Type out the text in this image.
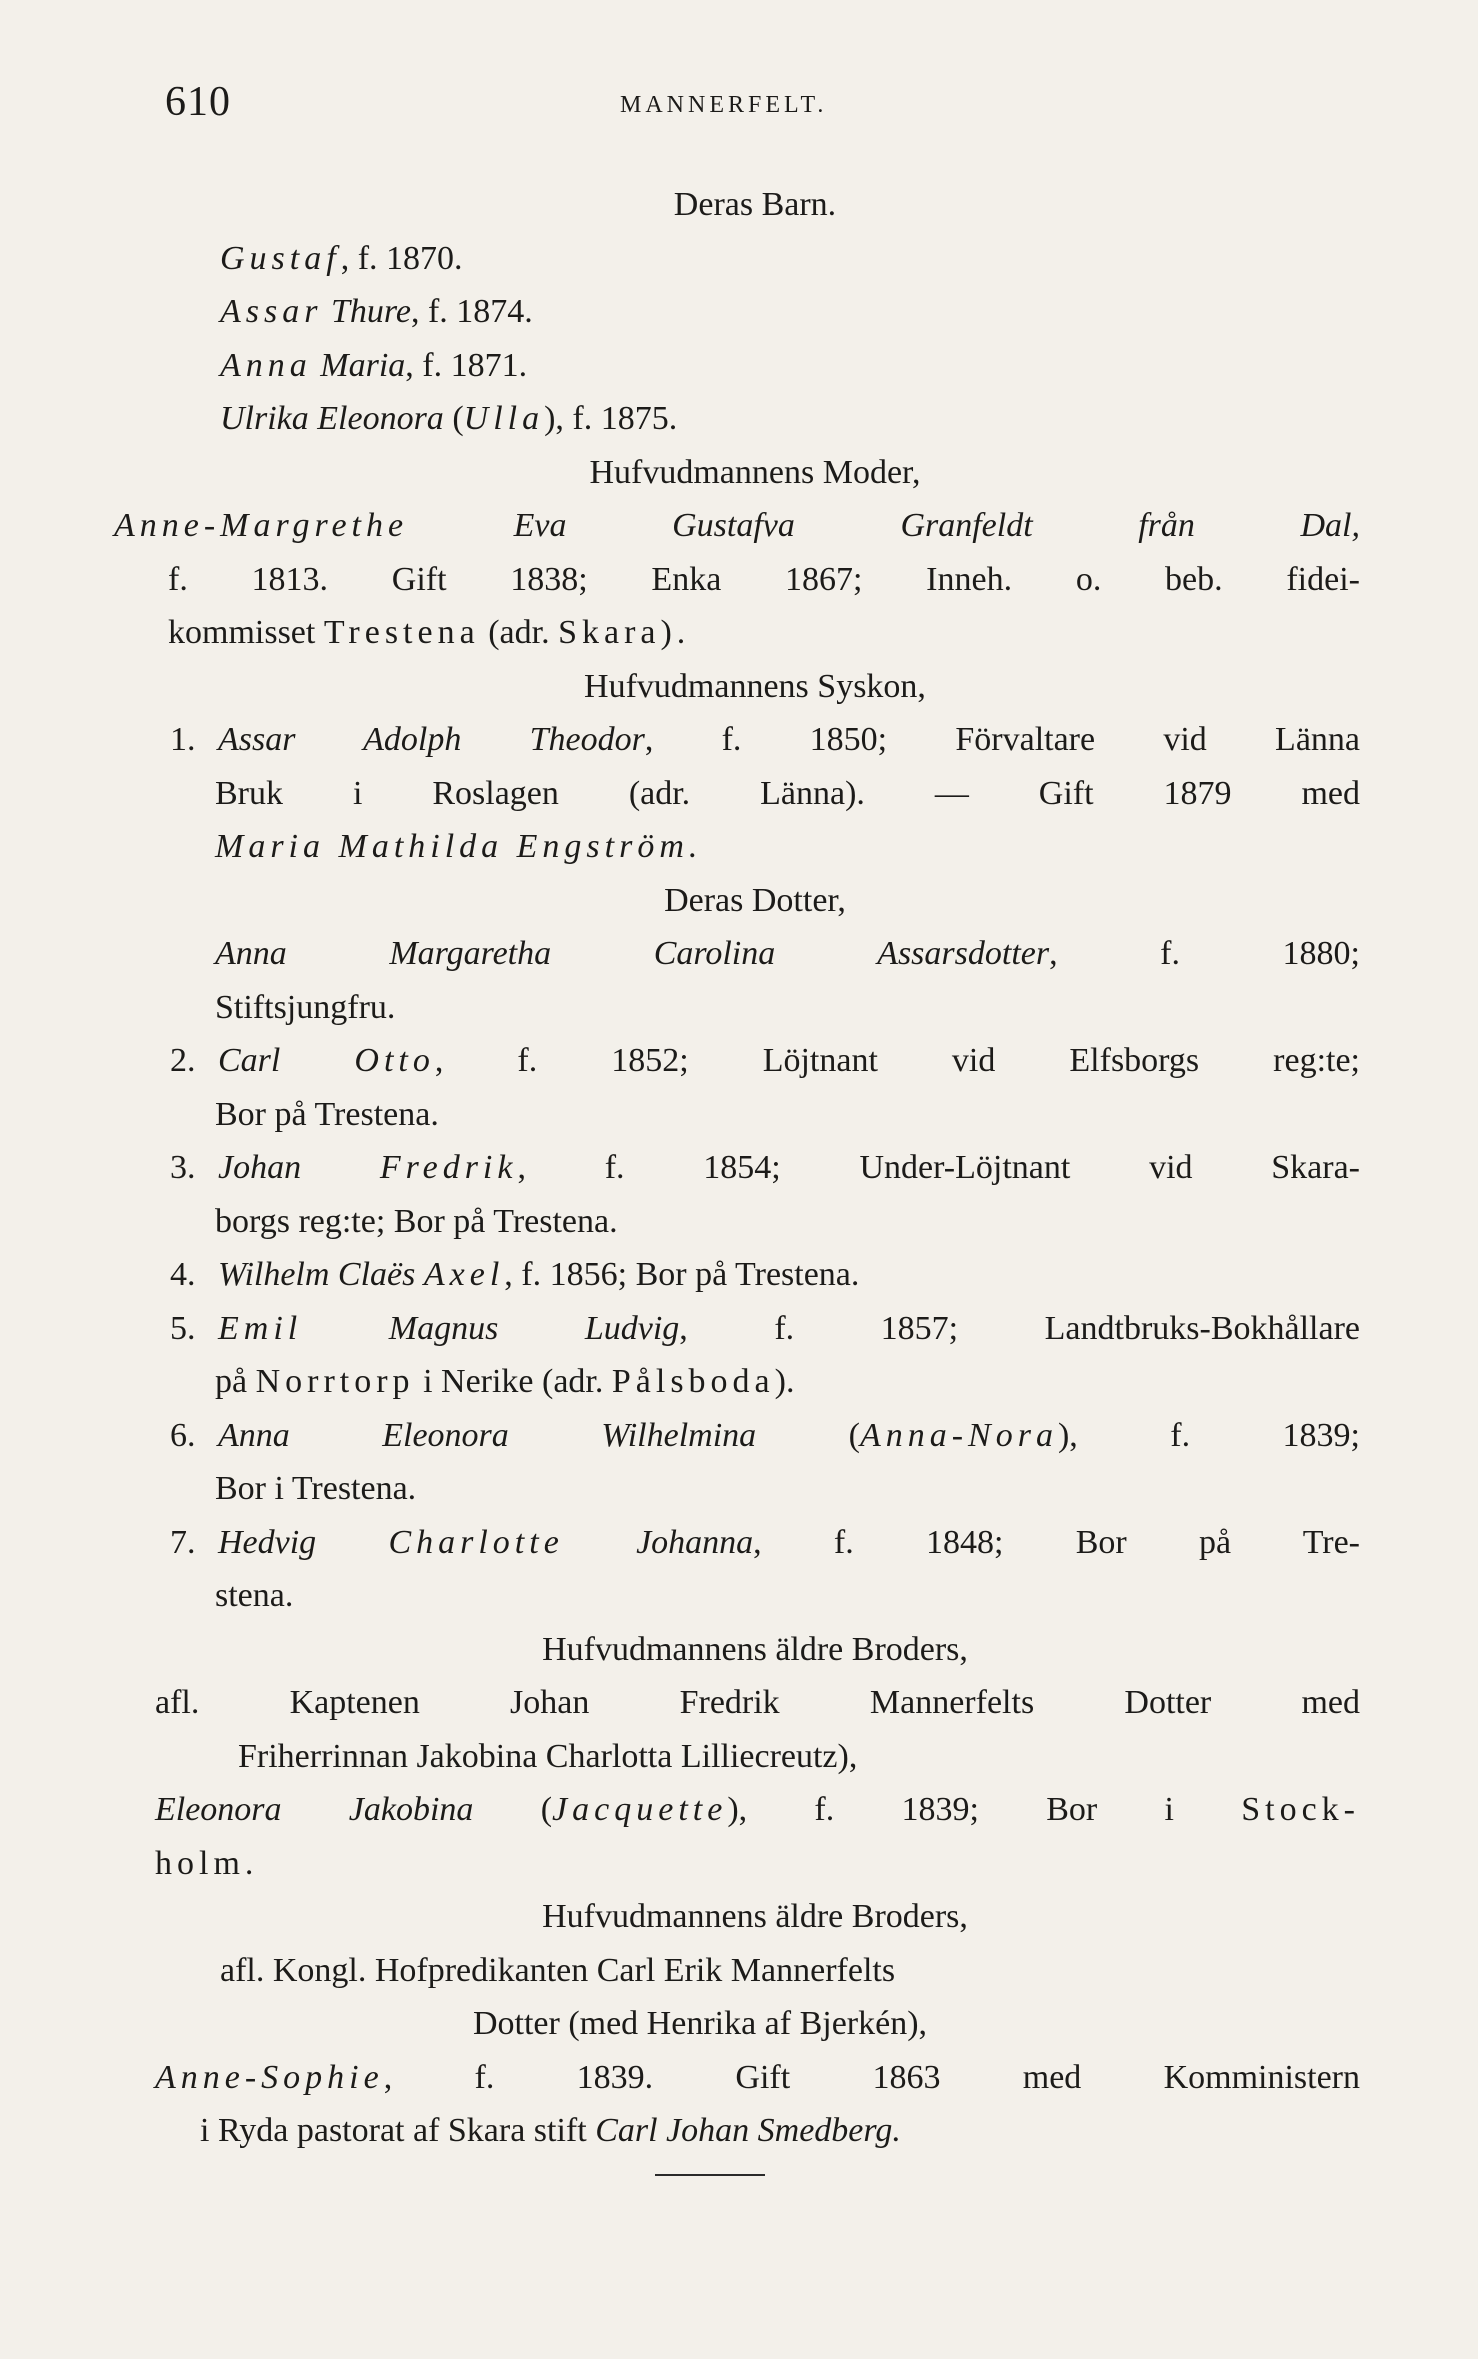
610	MANNERFELT.
Deras Barn.
Gustaf, f. 1870.
Assar Thure, f. 1874.
Anna Maria, f. 1871.
Ulrika Eleonora (Ulla), f. 1875.
Hufvudmannens Moder,
Anne-Margrethe	Eva Gustafva Granfeldt från Dal,
f. 1813. Gift 1838; Enka 1867; Inneh. o. beb. fidei-
kommisset Trestena (adr. Skara).
Hufvudmannens Syskon,
1. Assar Adolph Theodor, f. 1850; Förvaltare vid Länna
Bruk i Roslagen (adr. Länna). — Gift 1879 med
Maria Mathilda Engström.
Deras Dotter,
Anna Margaretha Carolina Assarsdotter, f. 1880;
Stiftsjungfru.
2. Carl Otto, f. 1852; Löjtnant vid Elfsborgs reg:te;
Bor på Trestena.
3. Johan Fredrik, f. 1854; Under-Löjtnant vid Skara-
borgs reg:te; Bor på Trestena.
4. Wilhelm Claës Axel, f. 1856; Bor på Trestena.
5. Emil	Magnus Ludvig, f. 1857; Landtbruks-Bokhållare
på Norrtorp i Nerike (adr. Pålsboda).
6. Anna Eleonora Wilhelmina (Anna-Nora), f. 1839;
Bor i Trestena.
7. Hedvig Charlotte Johanna, f. 1848; Bor på Tre-
stena.
Hufvudmannens äldre Broders,
afl. Kaptenen Johan Fredrik Mannerfelts Dotter med
Friherrinnan Jakobina Charlotta Lilliecreutz),
Eleonora Jakobina (Jacquette), f. 1839; Bor i Stock-
holm.
Hufvudmannens äldre Broders,
afl. Kongl. Hofpredikanten Carl Erik Mannerfelts
Dotter (med Henrika af Bjerkén),
Anne-Sophie, f. 1839. Gift 1863 med Komministern
i Ryda pastorat af Skara stift Carl Johan Smedberg.
